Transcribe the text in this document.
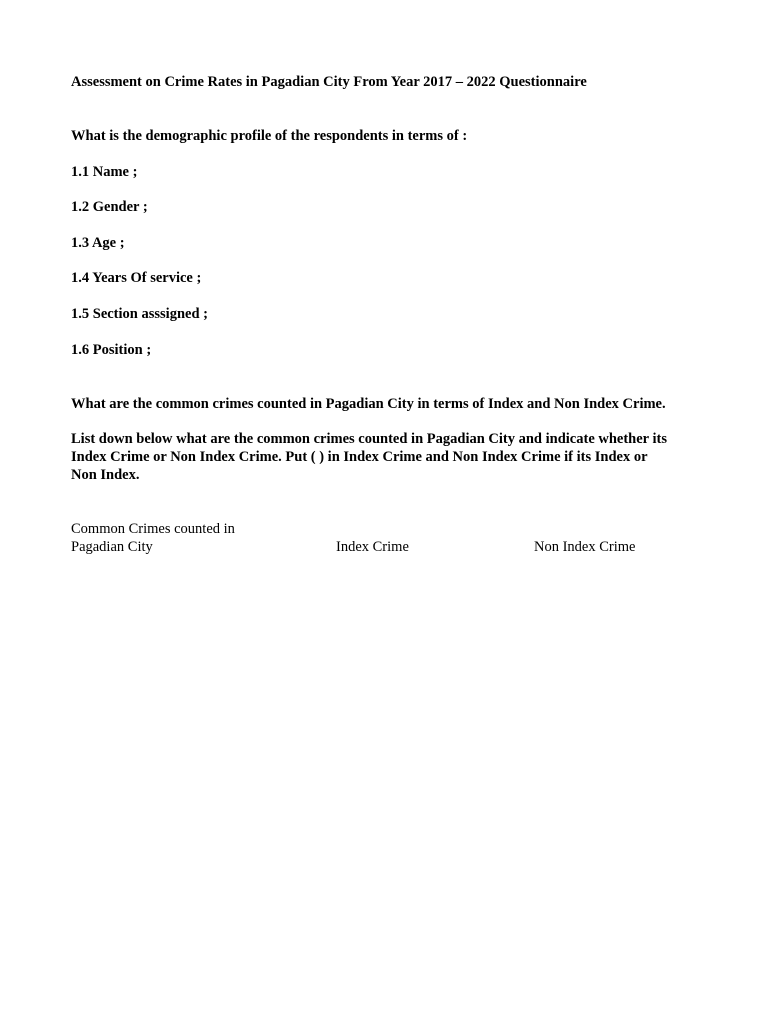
Assessment on Crime Rates in Pagadian City From Year 2017 – 2022 Questionnaire
What is the demographic profile of the respondents in terms of :
1.1 Name ;
1.2 Gender ;
1.3 Age ;
1.4 Years Of service ;
1.5 Section asssigned ;
1.6 Position ;
What are the common crimes counted in Pagadian City in terms of Index and Non Index Crime.
List down below what are the common crimes counted in Pagadian City and indicate whether its
Index Crime or Non Index Crime. Put ( ) in Index Crime and Non Index Crime if its Index or
Non Index.
Common Crimes counted in
Pagadian City	Index Crime	Non Index Crime
